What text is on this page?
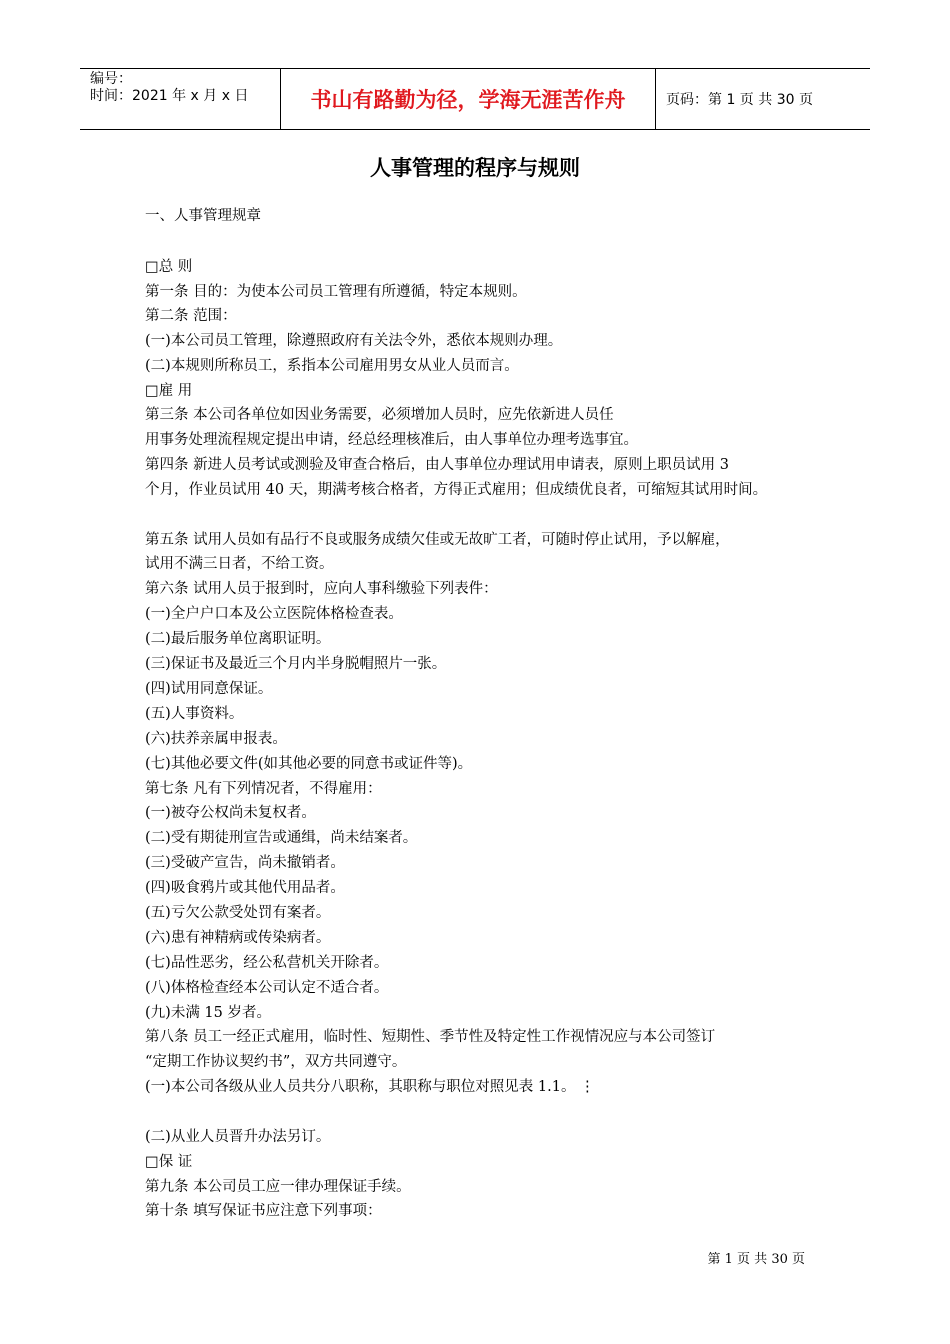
编号：
时间：2021 年 x 月 x 日	书山有路勤为径，学海无涯苦作舟	页码：第 1 页 共 30 页
人事管理的程序与规则
一、人事管理规章
□总 则
第一条 目的：为使本公司员工管理有所遵循，特定本规则。
第二条 范围：
(一)本公司员工管理，除遵照政府有关法令外，悉依本规则办理。
(二)本规则所称员工，系指本公司雇用男女从业人员而言。
□雇 用
第三条 本公司各单位如因业务需要，必须增加人员时，应先依新进人员任
用事务处理流程规定提出申请，经总经理核准后，由人事单位办理考选事宜。
第四条 新进人员考试或测验及审查合格后，由人事单位办理试用申请表，原则上职员试用 3
个月，作业员试用 40 天，期满考核合格者，方得正式雇用；但成绩优良者，可缩短其试用时间。
第五条 试用人员如有品行不良或服务成绩欠佳或无故旷工者，可随时停止试用，予以解雇，
试用不满三日者，不给工资。
第六条 试用人员于报到时，应向人事科缴验下列表件：
(一)全户户口本及公立医院体格检查表。
(二)最后服务单位离职证明。
(三)保证书及最近三个月内半身脱帽照片一张。
(四)试用同意保证。
(五)人事资料。
(六)扶养亲属申报表。
(七)其他必要文件(如其他必要的同意书或证件等)。
第七条 凡有下列情况者，不得雇用：
(一)被夺公权尚未复权者。
(二)受有期徒刑宣告或通缉，尚未结案者。
(三)受破产宣告，尚未撤销者。
(四)吸食鸦片或其他代用品者。
(五)亏欠公款受处罚有案者。
(六)患有神精病或传染病者。
(七)品性恶劣，经公私营机关开除者。
(八)体格检查经本公司认定不适合者。
(九)未满 15 岁者。
第八条 员工一经正式雇用，临时性、短期性、季节性及特定性工作视情况应与本公司签订
“定期工作协议契约书”，双方共同遵守。
(一)本公司各级从业人员共分八职称，其职称与职位对照见表 1.1。 ⋮
(二)从业人员晋升办法另订。
□保 证
第九条 本公司员工应一律办理保证手续。
第十条 填写保证书应注意下列事项：
第 1 页 共 30 页
